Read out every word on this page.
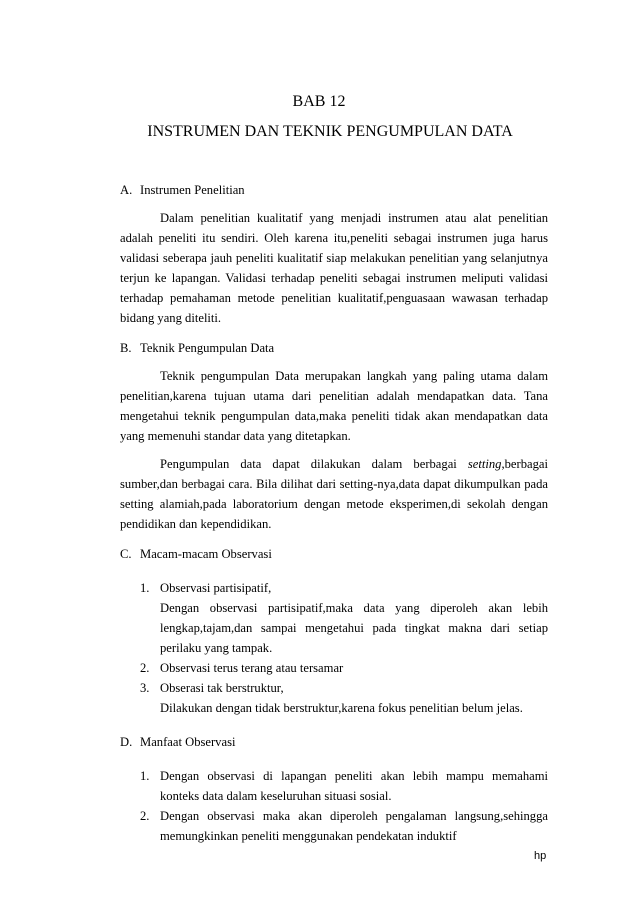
BAB 12
INSTRUMEN DAN TEKNIK PENGUMPULAN DATA
A. Instrumen Penelitian

Dalam penelitian kualitatif yang menjadi instrumen atau alat penelitian adalah peneliti itu sendiri. Oleh karena itu,peneliti sebagai instrumen juga harus validasi seberapa jauh peneliti kualitatif siap melakukan penelitian yang selanjutnya terjun ke lapangan. Validasi terhadap peneliti sebagai instrumen meliputi validasi terhadap pemahaman metode penelitian kualitatif,penguasaan wawasan terhadap bidang yang diteliti.

B. Teknik Pengumpulan Data

Teknik pengumpulan Data merupakan langkah yang paling utama dalam penelitian,karena tujuan utama dari penelitian adalah mendapatkan data. Tana mengetahui teknik pengumpulan data,maka peneliti tidak akan mendapatkan data yang memenuhi standar data yang ditetapkan.

Pengumpulan data dapat dilakukan dalam berbagai setting,berbagai sumber,dan berbagai cara. Bila dilihat dari setting-nya,data dapat dikumpulkan pada setting alamiah,pada laboratorium dengan metode eksperimen,di sekolah dengan pendidikan dan kependidikan.

C. Macam-macam Observasi
1. Observasi partisipatif,
Dengan observasi partisipatif,maka data yang diperoleh akan lebih lengkap,tajam,dan sampai mengetahui pada tingkat makna dari setiap perilaku yang tampak.
2. Observasi terus terang atau tersamar
3. Obserasi tak berstruktur,
Dilakukan dengan tidak berstruktur,karena fokus penelitian belum jelas.
D. Manfaat Observasi
1. Dengan observasi di lapangan peneliti akan lebih mampu memahami konteks data dalam keseluruhan situasi sosial.
2. Dengan observasi maka akan diperoleh pengalaman langsung,sehingga memungkinkan peneliti menggunakan pendekatan induktif
hp
